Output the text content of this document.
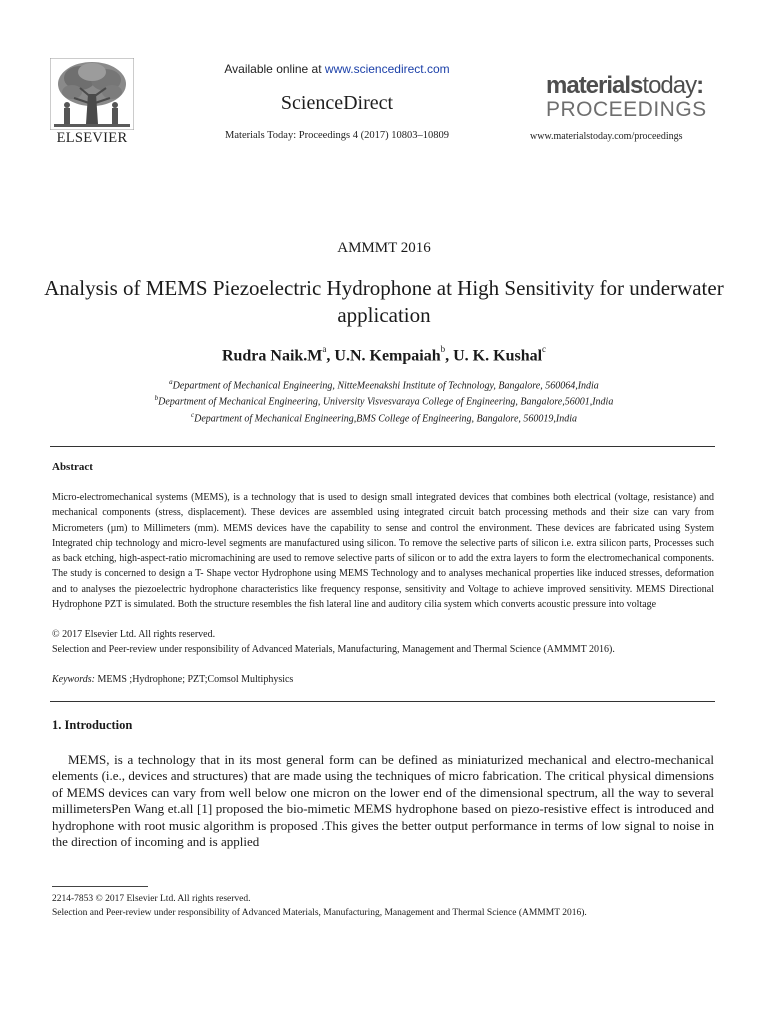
ELSEVIER
Available online at www.sciencedirect.com
ScienceDirect
Materials Today: Proceedings 4 (2017) 10803–10809
materialstoday:
PROCEEDINGS
www.materialstoday.com/proceedings
AMMMT 2016
Analysis of MEMS Piezoelectric Hydrophone at High Sensitivity for underwater application
Rudra $Naik.M^a$, U.N. Kempaiah$^b$, U. K. Kushal$^c$
$^a$Department of Mechanical Engineering, NitteMeenakshi Institute of Technology, Bangalore, 560064,India
$^b$Department of Mechanical Engineering, University Visvesvaraya College of Engineering, Bangalore,56001,India
$^c$Department of Mechanical Engineering,BMS College of Engineering, Bangalore, 560019,India
Abstract
Micro-electromechanical systems (MEMS), is a technology that is used to design small integrated devices that combines both electrical (voltage, resistance) and mechanical components (stress, displacement). These devices are assembled using integrated circuit batch processing methods and their size can vary from Micrometers (µm) to Millimeters (mm). MEMS devices have the capability to sense and control the environment. These devices are fabricated using System Integrated chip technology and micro-level segments are manufactured using silicon. To remove the selective parts of silicon i.e. extra silicon parts, Processes such as back etching, high-aspect-ratio micromachining are used to remove selective parts of silicon or to add the extra layers to form the electromechanical components. The study is concerned to design a T- Shape vector Hydrophone using MEMS Technology and to analyses mechanical properties like induced stresses, deformation and to analyses the piezoelectric hydrophone characteristics like frequency response, sensitivity and Voltage to achieve improved sensitivity. MEMS Directional Hydrophone PZT is simulated. Both the structure resembles the fish lateral line and auditory cilia system which converts acoustic pressure into voltage
© 2017 Elsevier Ltd. All rights reserved.
Selection and Peer-review under responsibility of Advanced Materials, Manufacturing, Management and Thermal Science (AMMMT 2016).
Keywords: MEMS ;Hydrophone; PZT;Comsol Multiphysics
1. Introduction
MEMS, is a technology that in its most general form can be defined as miniaturized mechanical and electro-mechanical elements (i.e., devices and structures) that are made using the techniques of micro fabrication. The critical physical dimensions of MEMS devices can vary from well below one micron on the lower end of the dimensional spectrum, all the way to several millimetersPen Wang et.all [1] proposed the bio-mimetic MEMS hydrophone based on piezo-resistive effect is introduced and hydrophone with root music algorithm is proposed .This gives the better output performance in terms of low signal to noise in the direction of incoming and is applied
2214-7853 © 2017 Elsevier Ltd. All rights reserved.
Selection and Peer-review under responsibility of Advanced Materials, Manufacturing, Management and Thermal Science (AMMMT 2016).
